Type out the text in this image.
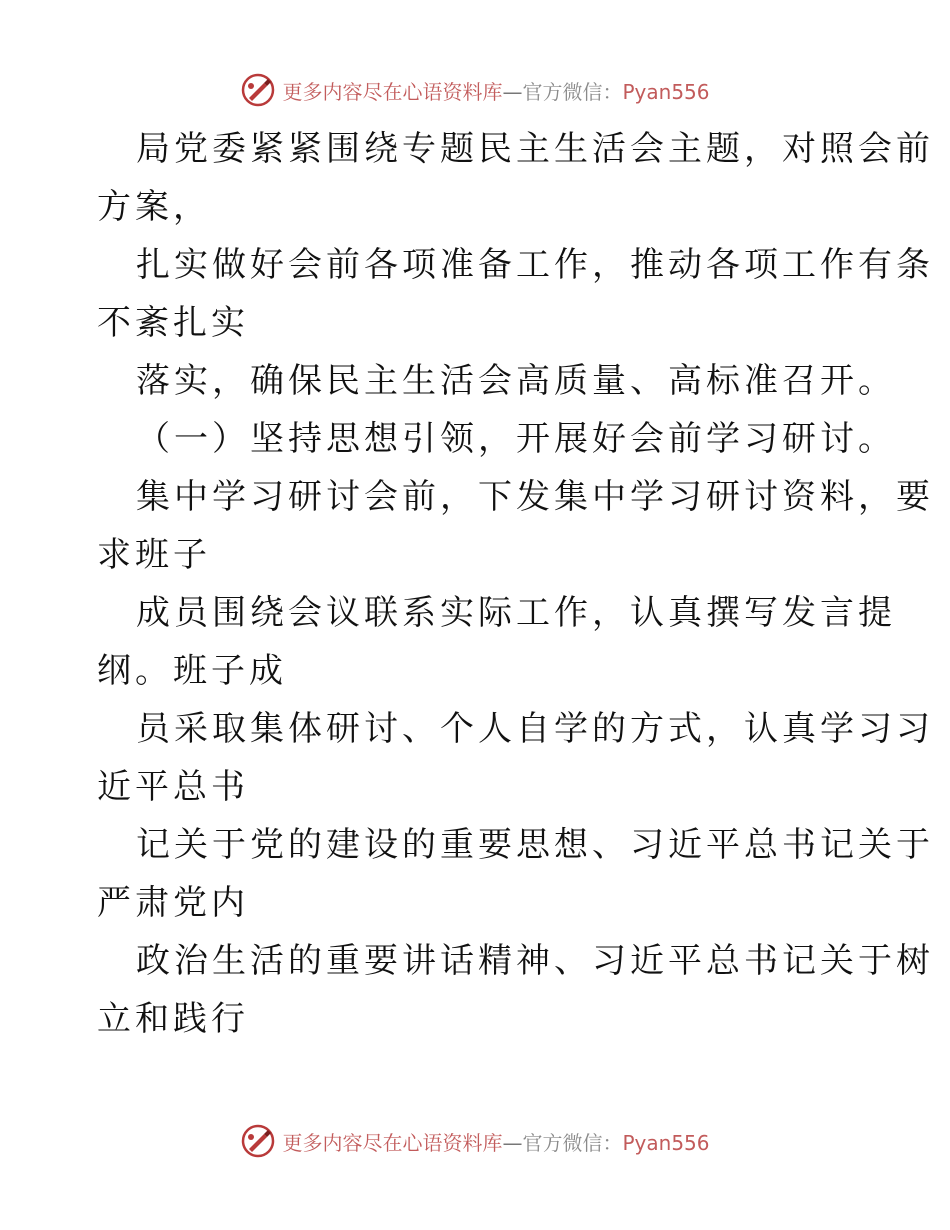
更多内容尽在心语资料库—官方微信：Pyan556
局党委紧紧围绕专题民主生活会主题，对照会前
方案，
扎实做好会前各项准备工作，推动各项工作有条
不紊扎实
落实，确保民主生活会高质量、高标准召开。
（一）坚持思想引领，开展好会前学习研讨。
集中学习研讨会前，下发集中学习研讨资料，要
求班子
成员围绕会议联系实际工作，认真撰写发言提
纲。班子成
员采取集体研讨、个人自学的方式，认真学习习
近平总书
记关于党的建设的重要思想、习近平总书记关于
严肃党内
政治生活的重要讲话精神、习近平总书记关于树
立和践行
更多内容尽在心语资料库—官方微信：Pyan556
